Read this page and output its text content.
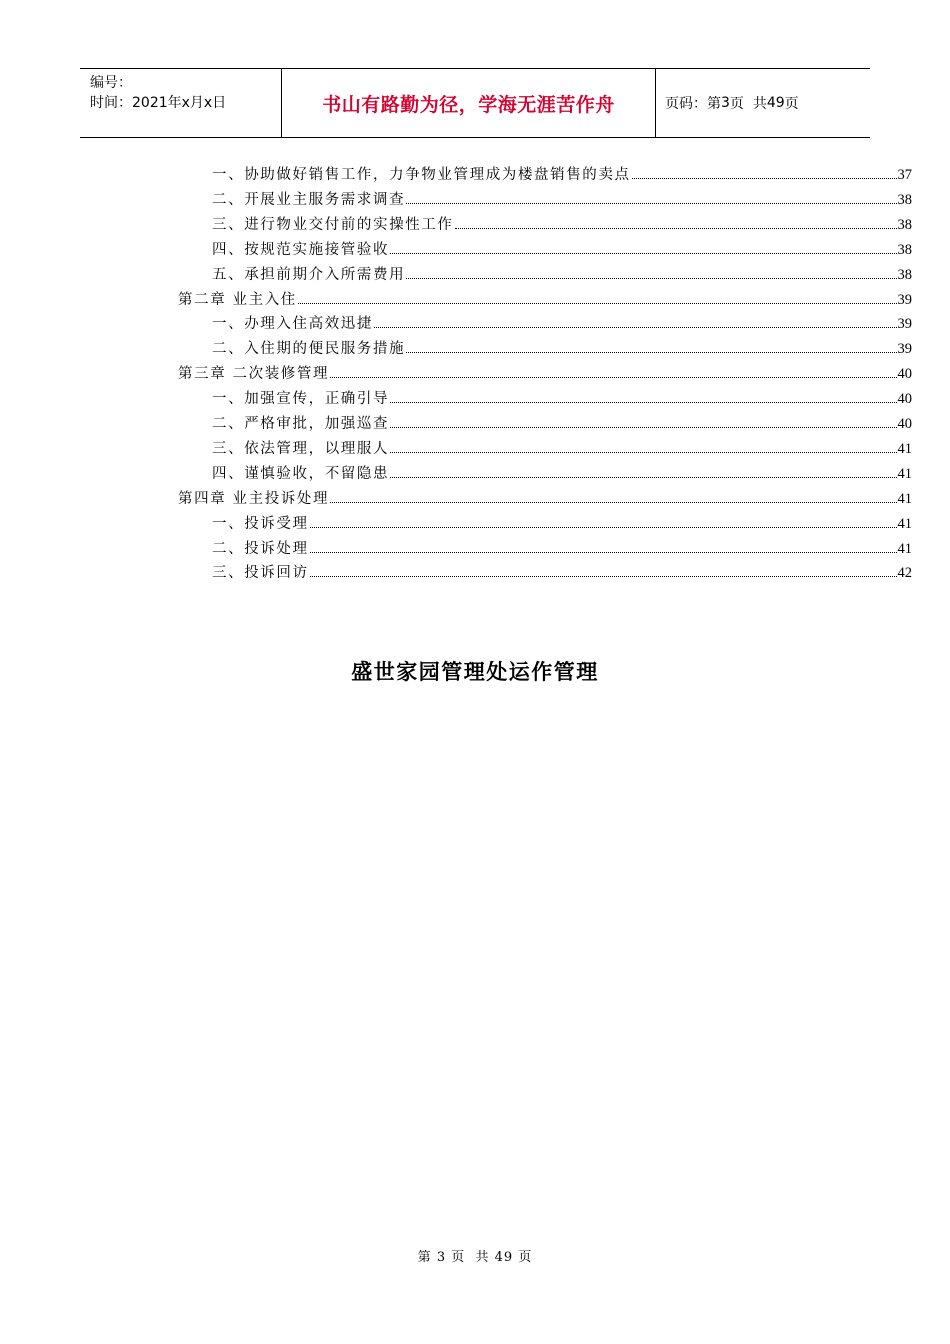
编号：
时间：2021年x月x日	书山有路勤为径，学海无涯苦作舟	页码：第 3 页  共 49 页
一、协助做好销售工作，力争物业管理成为楼盘销售的卖点	37
二、开展业主服务需求调查	38
三、进行物业交付前的实操性工作	38
四、按规范实施接管验收	38
五、承担前期介入所需费用	38
第二章 业主入住	39
一、办理入住高效迅捷	39
二、入住期的便民服务措施	39
第三章 二次装修管理	40
一、加强宣传，正确引导	40
二、严格审批，加强巡查	40
三、依法管理，以理服人	41
四、谨慎验收，不留隐患	41
第四章 业主投诉处理	41
一、投诉受理	41
二、投诉处理	41
三、投诉回访	42
盛世家园管理处运作管理
第 3 页  共 49 页
